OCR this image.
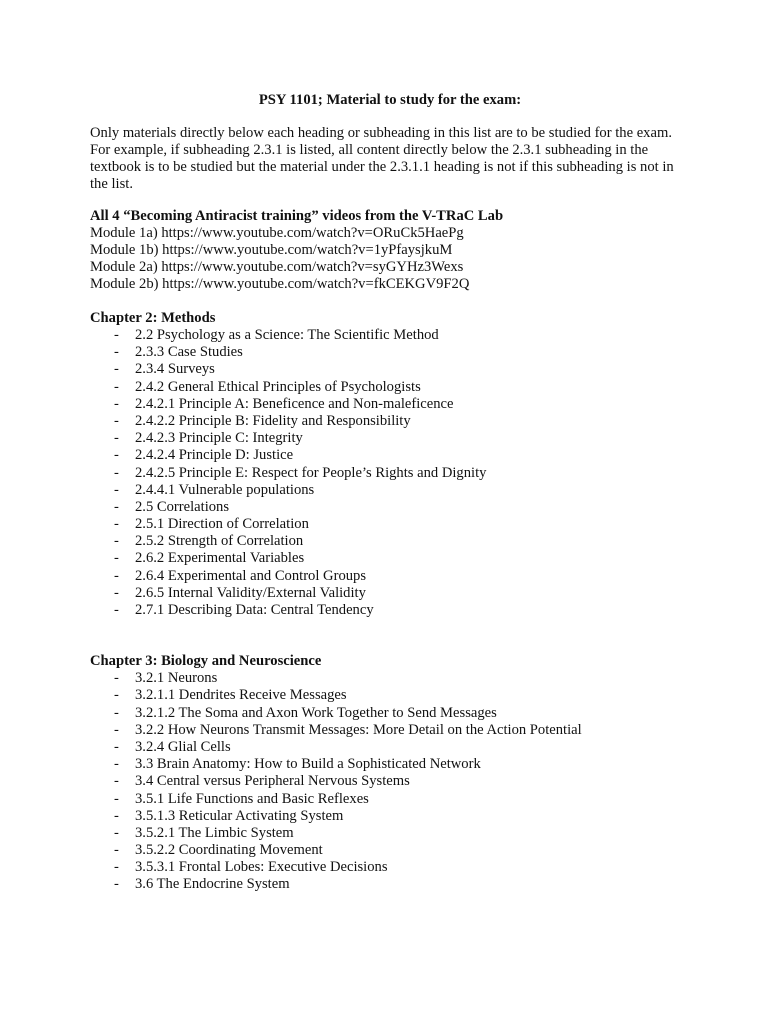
PSY 1101; Material to study for the exam:

Only materials directly below each heading or subheading in this list are to be studied for the exam. For example, if subheading 2.3.1 is listed, all content directly below the 2.3.1 subheading in the textbook is to be studied but the material under the 2.3.1.1 heading is not if this subheading is not in the list.

All 4 “Becoming Antiracist training” videos from the V-TRaC Lab
Module 1a) https://www.youtube.com/watch?v=ORuCk5HaePg
Module 1b) https://www.youtube.com/watch?v=1yPfaysjkuM
Module 2a) https://www.youtube.com/watch?v=syGYHz3Wexs
Module 2b) https://www.youtube.com/watch?v=fkCEKGV9F2Q
Chapter 2: Methods
- 2.2 Psychology as a Science: The Scientific Method
- 2.3.3 Case Studies
- 2.3.4 Surveys
- 2.4.2 General Ethical Principles of Psychologists
- 2.4.2.1 Principle A: Beneficence and Non-maleficence
- 2.4.2.2 Principle B: Fidelity and Responsibility
- 2.4.2.3 Principle C: Integrity
- 2.4.2.4 Principle D: Justice
- 2.4.2.5 Principle E: Respect for People’s Rights and Dignity
- 2.4.4.1 Vulnerable populations
- 2.5 Correlations
- 2.5.1 Direction of Correlation
- 2.5.2 Strength of Correlation
- 2.6.2 Experimental Variables
- 2.6.4 Experimental and Control Groups
- 2.6.5 Internal Validity/External Validity
- 2.7.1 Describing Data: Central Tendency
Chapter 3: Biology and Neuroscience
- 3.2.1 Neurons
- 3.2.1.1 Dendrites Receive Messages
- 3.2.1.2 The Soma and Axon Work Together to Send Messages
- 3.2.2 How Neurons Transmit Messages: More Detail on the Action Potential
- 3.2.4 Glial Cells
- 3.3 Brain Anatomy: How to Build a Sophisticated Network
- 3.4 Central versus Peripheral Nervous Systems
- 3.5.1 Life Functions and Basic Reflexes
- 3.5.1.3 Reticular Activating System
- 3.5.2.1 The Limbic System
- 3.5.2.2 Coordinating Movement
- 3.5.3.1 Frontal Lobes: Executive Decisions
- 3.6 The Endocrine System
